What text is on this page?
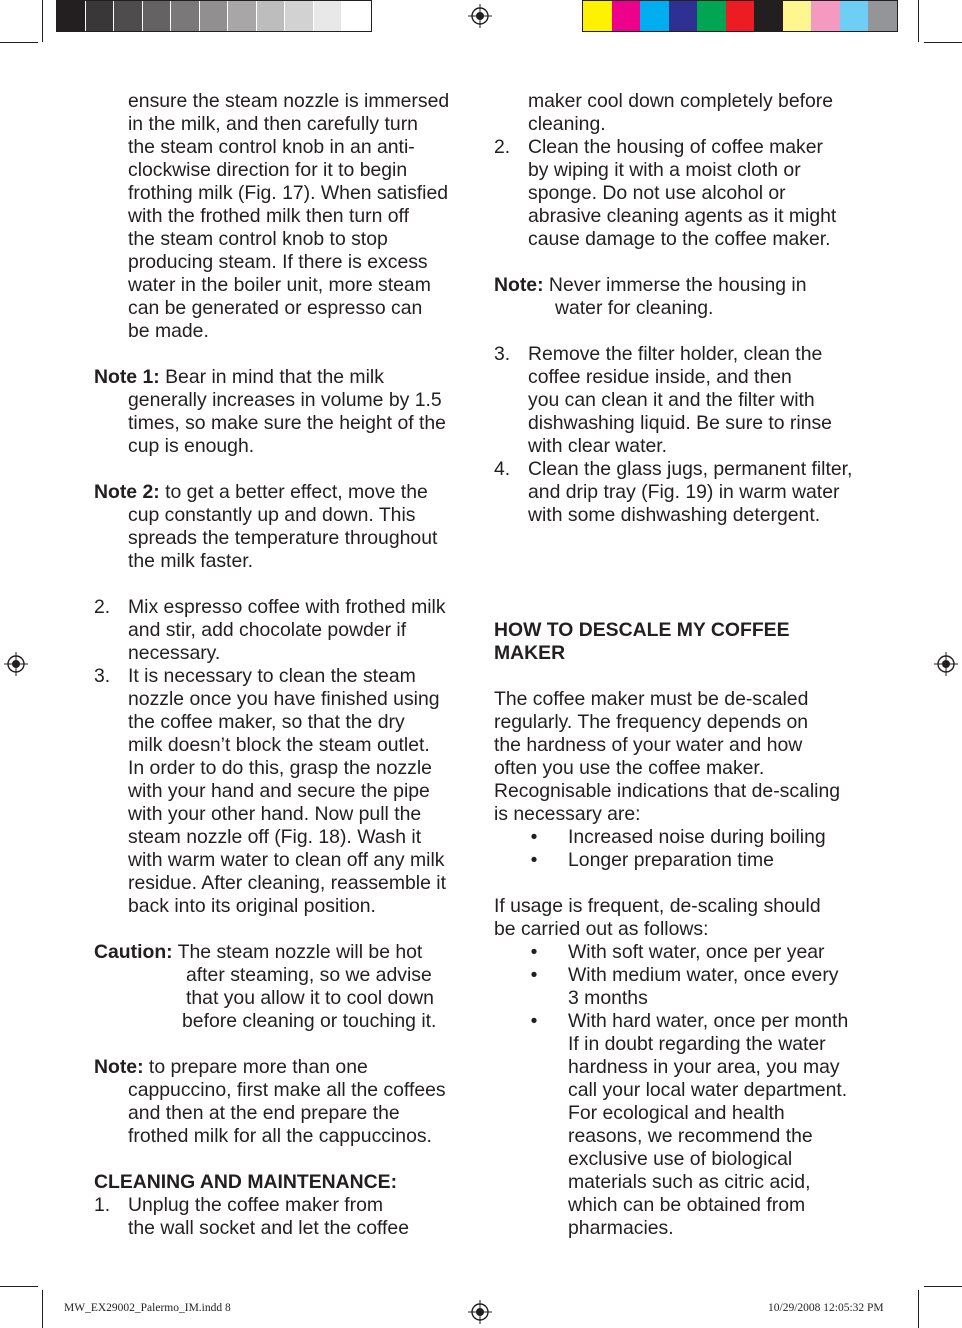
ensure the steam nozzle is immersed
in the milk, and then carefully turn
the steam control knob in an anti-
clockwise direction for it to begin
frothing milk (Fig. 17). When satisfied
with the frothed milk then turn off
the steam control knob to stop
producing steam. If there is excess
water in the boiler unit, more steam
can be generated or espresso can
be made.
Note 1: Bear in mind that the milk
generally increases in volume by 1.5
times, so make sure the height of the
cup is enough.
Note 2: to get a better effect, move the
cup constantly up and down. This
spreads the temperature throughout
the milk faster.
2. Mix espresso coffee with frothed milk
and stir, add chocolate powder if
necessary.
3. It is necessary to clean the steam
nozzle once you have finished using
the coffee maker, so that the dry
milk doesn’t block the steam outlet.
In order to do this, grasp the nozzle
with your hand and secure the pipe
with your other hand. Now pull the
steam nozzle off (Fig. 18). Wash it
with warm water to clean off any milk
residue. After cleaning, reassemble it
back into its original position.
Caution: The steam nozzle will be hot
after steaming, so we advise
that you allow it to cool down
before cleaning or touching it.
Note: to prepare more than one
cappuccino, first make all the coffees
and then at the end prepare the
frothed milk for all the cappuccinos.
CLEANING AND MAINTENANCE:
1. Unplug the coffee maker from
the wall socket and let the coffee
maker cool down completely before
cleaning.
2. Clean the housing of coffee maker
by wiping it with a moist cloth or
sponge. Do not use alcohol or
abrasive cleaning agents as it might
cause damage to the coffee maker.
Note: Never immerse the housing in
water for cleaning.
3. Remove the filter holder, clean the
coffee residue inside, and then
you can clean it and the filter with
dishwashing liquid. Be sure to rinse
with clear water.
4. Clean the glass jugs, permanent filter,
and drip tray (Fig. 19) in warm water
with some dishwashing detergent.
HOW TO DESCALE MY COFFEE
MAKER
The coffee maker must be de-scaled
regularly. The frequency depends on
the hardness of your water and how
often you use the coffee maker.
Recognisable indications that de-scaling
is necessary are:
•	Increased noise during boiling
•	Longer preparation time
If usage is frequent, de-scaling should
be carried out as follows:
•	With soft water, once per year
•	With medium water, once every
3 months
•	With hard water, once per month
If in doubt regarding the water
hardness in your area, you may
call your local water department.
For ecological and health
reasons, we recommend the
exclusive use of biological
materials such as citric acid,
which can be obtained from
pharmacies.
MW_EX29002_Palermo_IM.indd 8	10/29/2008 12:05:32 PM
